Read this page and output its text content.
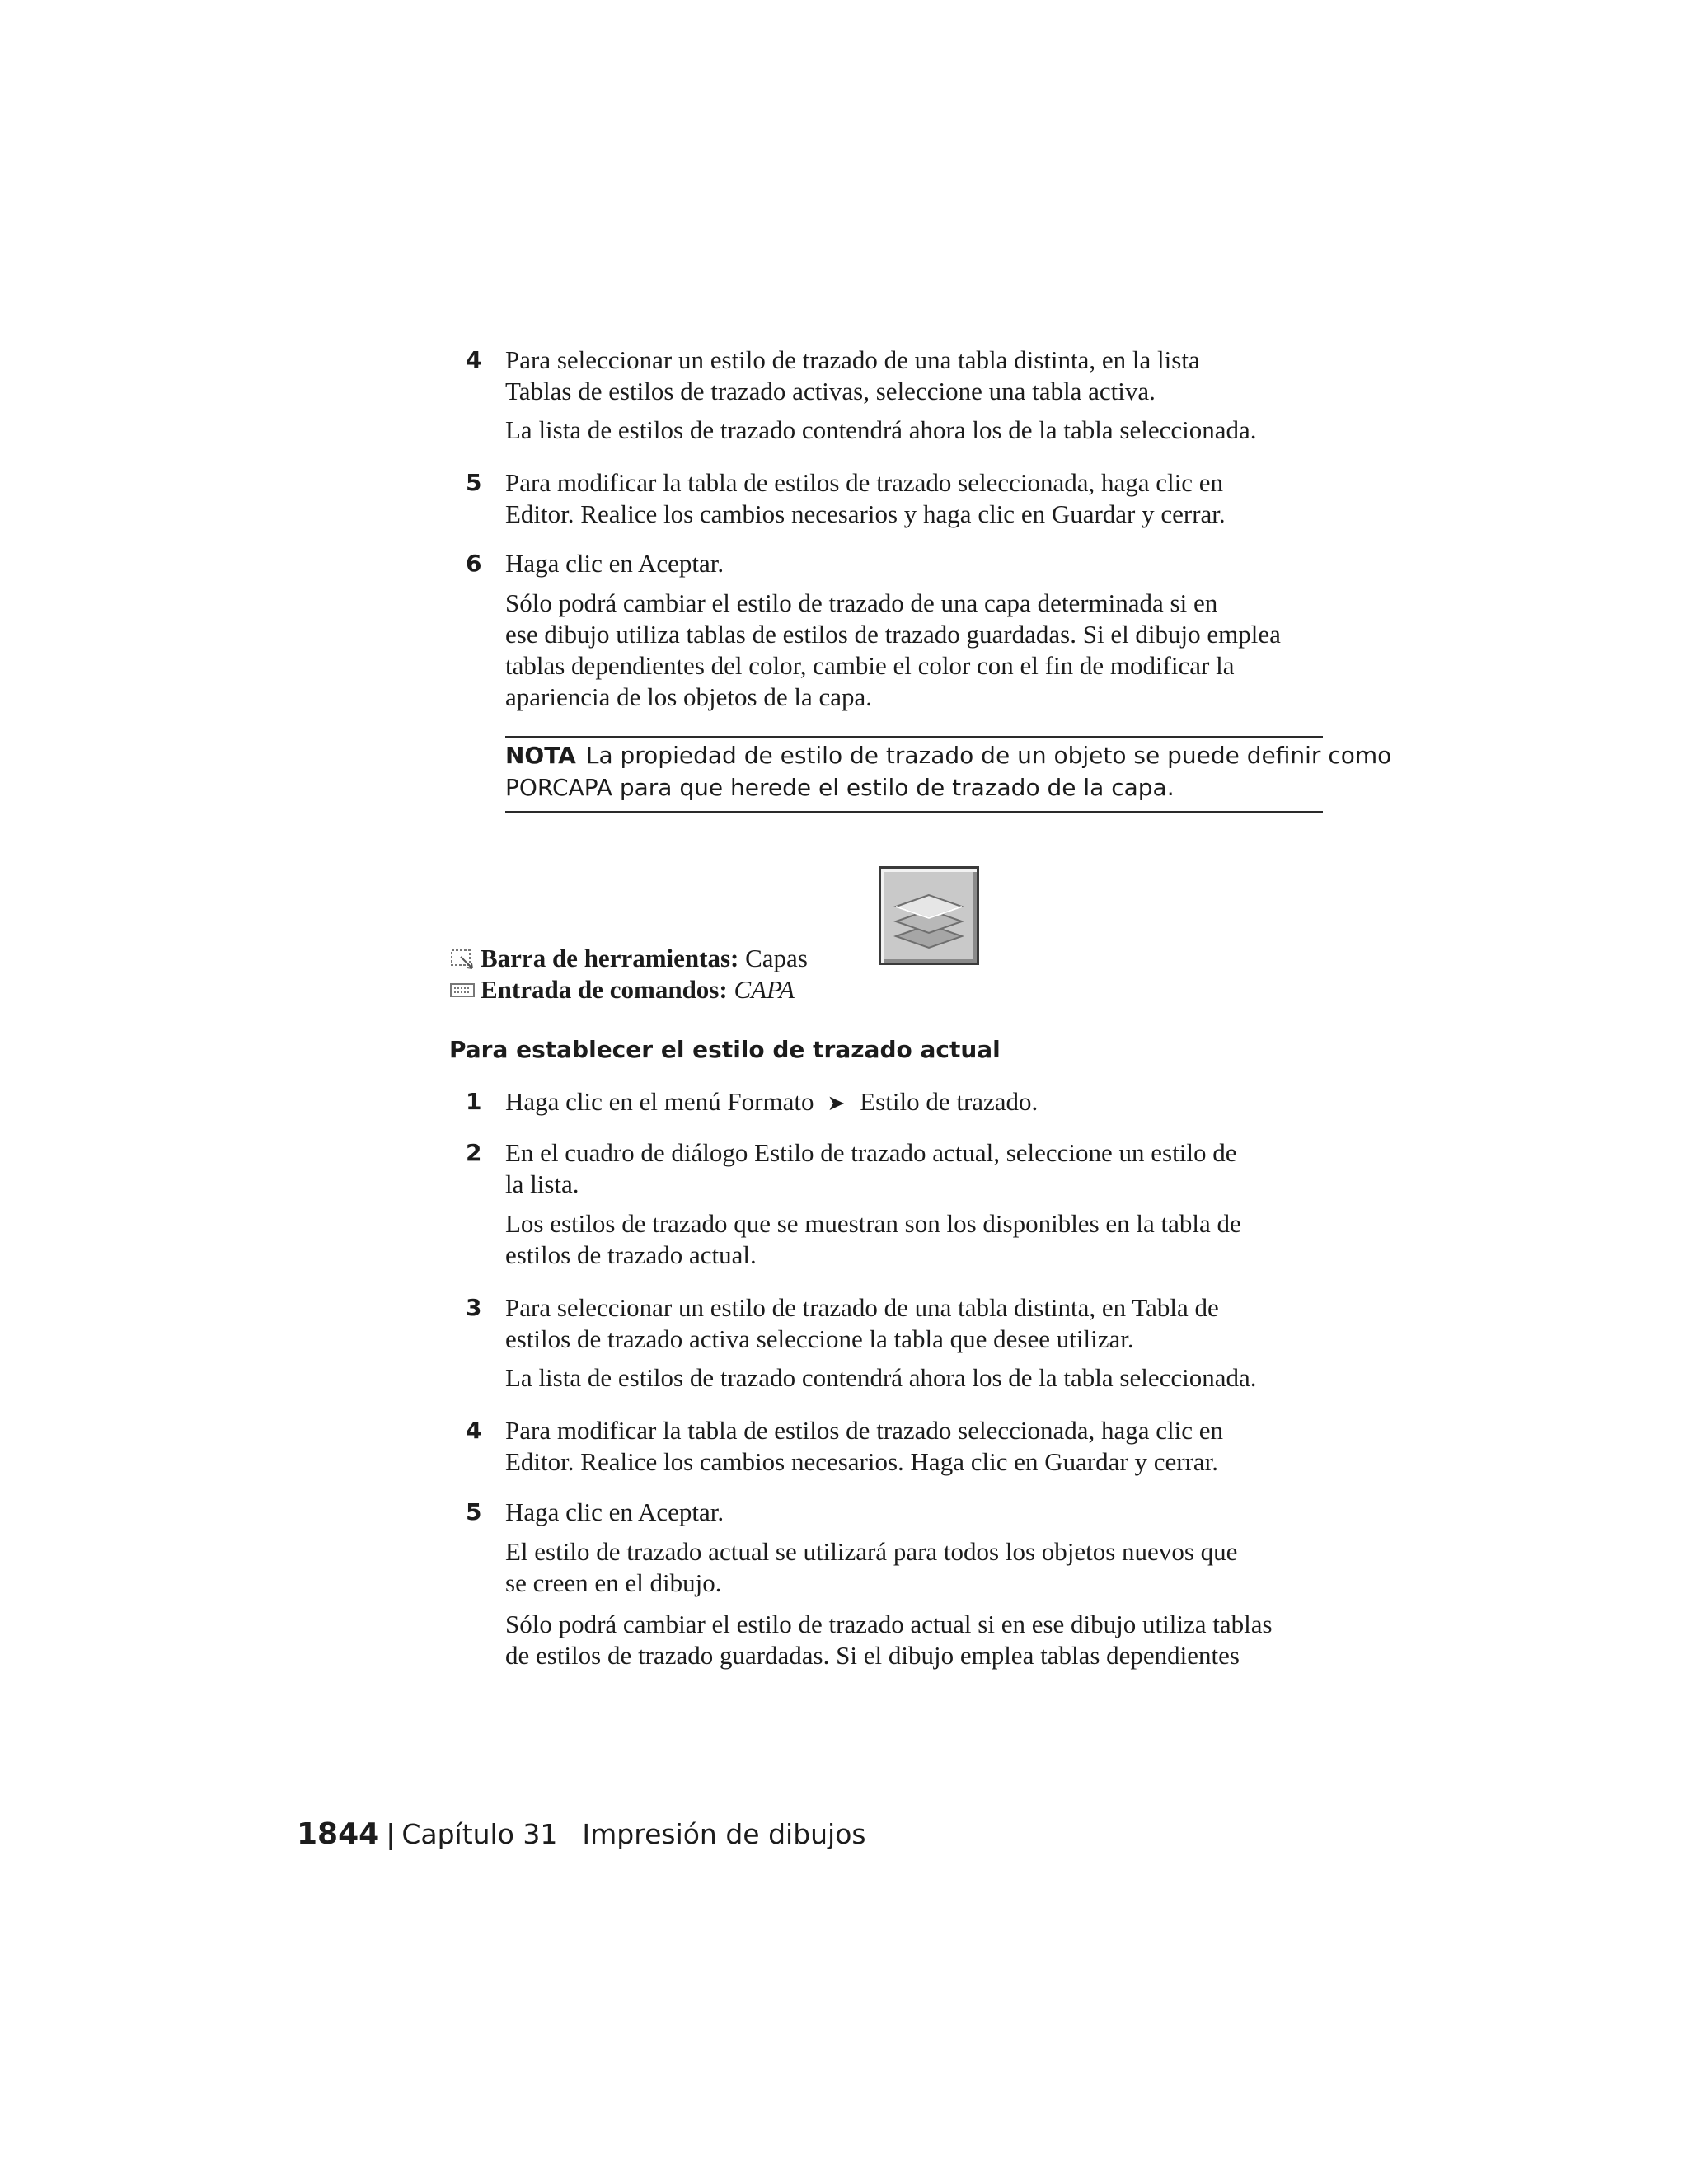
4 Para seleccionar un estilo de trazado de una tabla distinta, en la lista
Tablas de estilos de trazado activas, seleccione una tabla activa.
La lista de estilos de trazado contendrá ahora los de la tabla seleccionada.
5 Para modificar la tabla de estilos de trazado seleccionada, haga clic en
Editor. Realice los cambios necesarios y haga clic en Guardar y cerrar.
6 Haga clic en Aceptar.
Sólo podrá cambiar el estilo de trazado de una capa determinada si en
ese dibujo utiliza tablas de estilos de trazado guardadas. Si el dibujo emplea
tablas dependientes del color, cambie el color con el fin de modificar la
apariencia de los objetos de la capa.
NOTA La propiedad de estilo de trazado de un objeto se puede definir como
PORCAPA para que herede el estilo de trazado de la capa.
Barra de herramientas: Capas
Entrada de comandos: CAPA
Para establecer el estilo de trazado actual
1 Haga clic en el menú Formato ➤ Estilo de trazado.
2 En el cuadro de diálogo Estilo de trazado actual, seleccione un estilo de
la lista.
Los estilos de trazado que se muestran son los disponibles en la tabla de
estilos de trazado actual.
3 Para seleccionar un estilo de trazado de una tabla distinta, en Tabla de
estilos de trazado activa seleccione la tabla que desee utilizar.
La lista de estilos de trazado contendrá ahora los de la tabla seleccionada.
4 Para modificar la tabla de estilos de trazado seleccionada, haga clic en
Editor. Realice los cambios necesarios. Haga clic en Guardar y cerrar.
5 Haga clic en Aceptar.
El estilo de trazado actual se utilizará para todos los objetos nuevos que
se creen en el dibujo.
Sólo podrá cambiar el estilo de trazado actual si en ese dibujo utiliza tablas
de estilos de trazado guardadas. Si el dibujo emplea tablas dependientes
1844 | Capítulo 31 Impresión de dibujos
